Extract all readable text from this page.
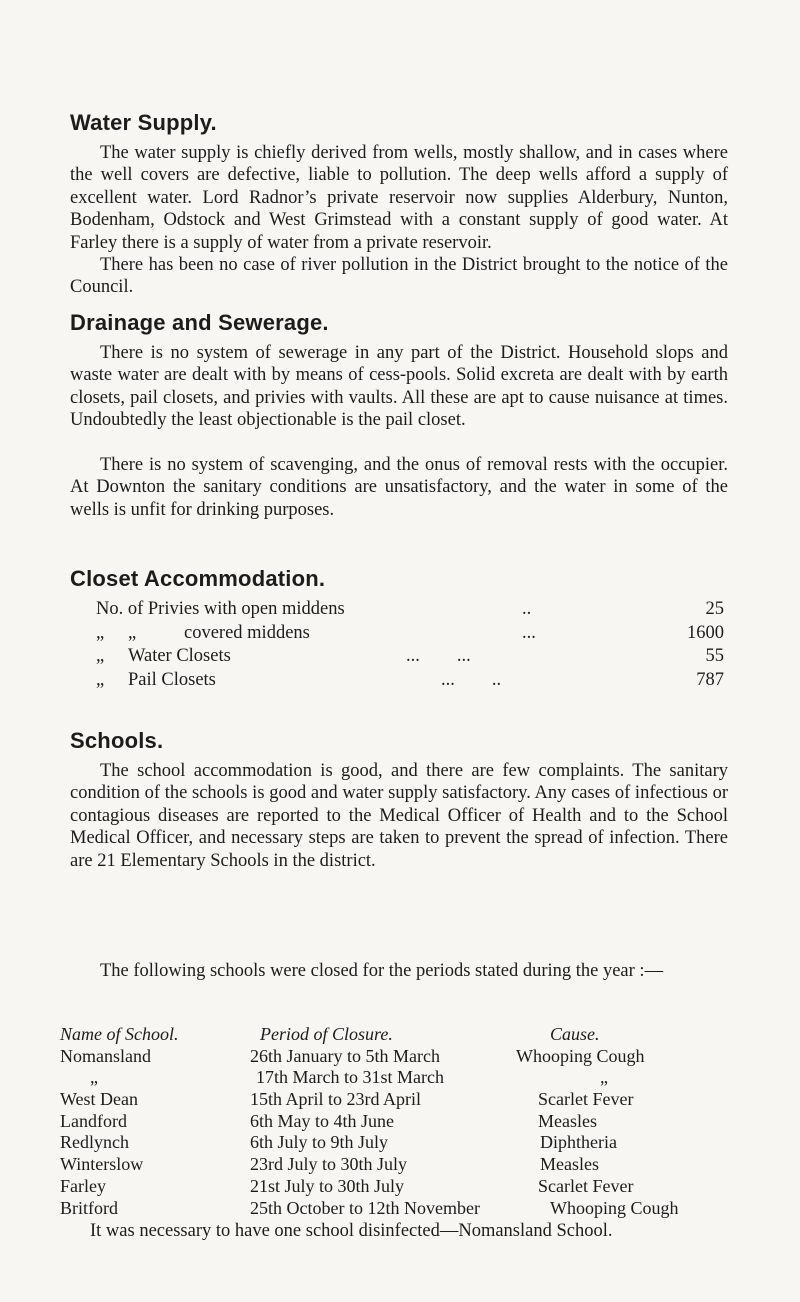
Water Supply.

The water supply is chiefly derived from wells, mostly shallow, and in cases where the well covers are defective, liable to pollution. The deep wells afford a supply of excellent water. Lord Radnor’s private reservoir now supplies Alderbury, Nunton, Bodenham, Odstock and West Grimstead with a constant supply of good water. At Farley there is a supply of water from a private reservoir.

There has been no case of river pollution in the District brought to the notice of the Council.

Drainage and Sewerage.

There is no system of sewerage in any part of the District. Household slops and waste water are dealt with by means of cess-pools. Solid excreta are dealt with by earth closets, pail closets, and privies with vaults. All these are apt to cause nuisance at times. Undoubtedly the least objectionable is the pail closet.

There is no system of scavenging, and the onus of removal rests with the occupier. At Downton the sanitary conditions are unsatisfactory, and the water in some of the wells is unfit for drinking purposes.

Closet Accommodation.
No. of Privies with open middens	..	25
„ „	covered middens	...	1600
„ Water Closets	...        ...	55
„ Pail Closets	...        ..	787
Schools.

The school accommodation is good, and there are few complaints. The sanitary condition of the schools is good and water supply satisfactory. Any cases of infectious or contagious diseases are reported to the Medical Officer of Health and to the School Medical Officer, and necessary steps are taken to prevent the spread of infection. There are 21 Elementary Schools in the district.

The following schools were closed for the periods stated during the year :—

Name of School.	Period of Closure.	Cause.
Nomansland	26th January to 5th March	Whooping Cough
„	17th March to 31st March	„
West Dean	15th April to 23rd April	Scarlet Fever
Landford	6th May to 4th June	Measles
Redlynch	6th July to 9th July	Diphtheria
Winterslow	23rd July to 30th July	Measles
Farley	21st July to 30th July	Scarlet Fever
Britford	25th October to 12th November	Whooping Cough

It was necessary to have one school disinfected—Nomansland School.
